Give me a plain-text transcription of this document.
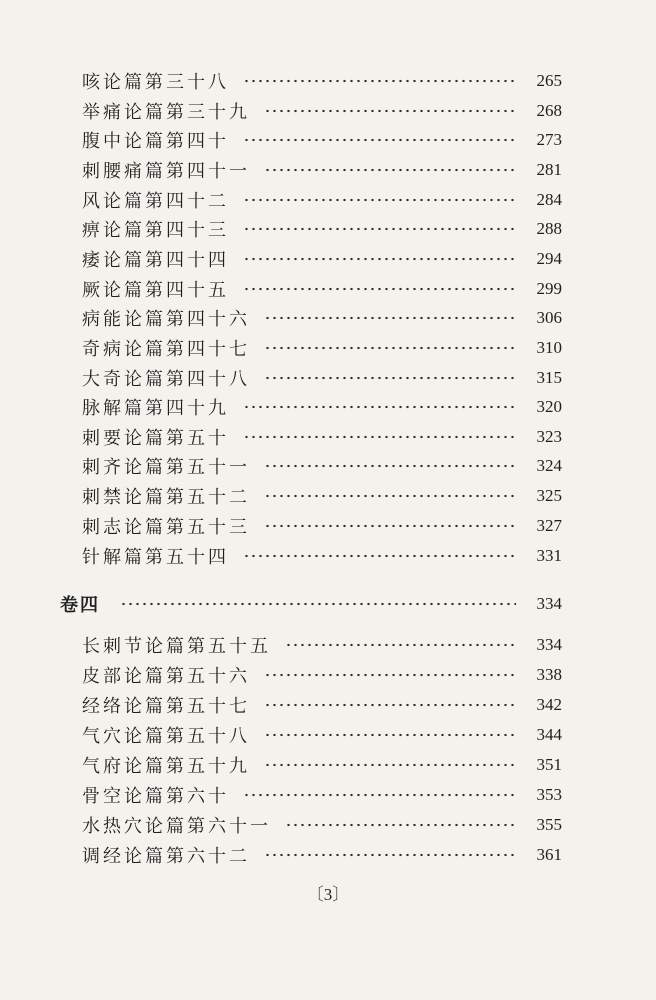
咳论篇第三十八	265
举痛论篇第三十九	268
腹中论篇第四十	273
刺腰痛篇第四十一	281
风论篇第四十二	284
痹论篇第四十三	288
痿论篇第四十四	294
厥论篇第四十五	299
病能论篇第四十六	306
奇病论篇第四十七	310
大奇论篇第四十八	315
脉解篇第四十九	320
刺要论篇第五十	323
刺齐论篇第五十一	324
刺禁论篇第五十二	325
刺志论篇第五十三	327
针解篇第五十四	331
卷四	334
长刺节论篇第五十五	334
皮部论篇第五十六	338
经络论篇第五十七	342
气穴论篇第五十八	344
气府论篇第五十九	351
骨空论篇第六十	353
水热穴论篇第六十一	355
调经论篇第六十二	361
〔3〕
